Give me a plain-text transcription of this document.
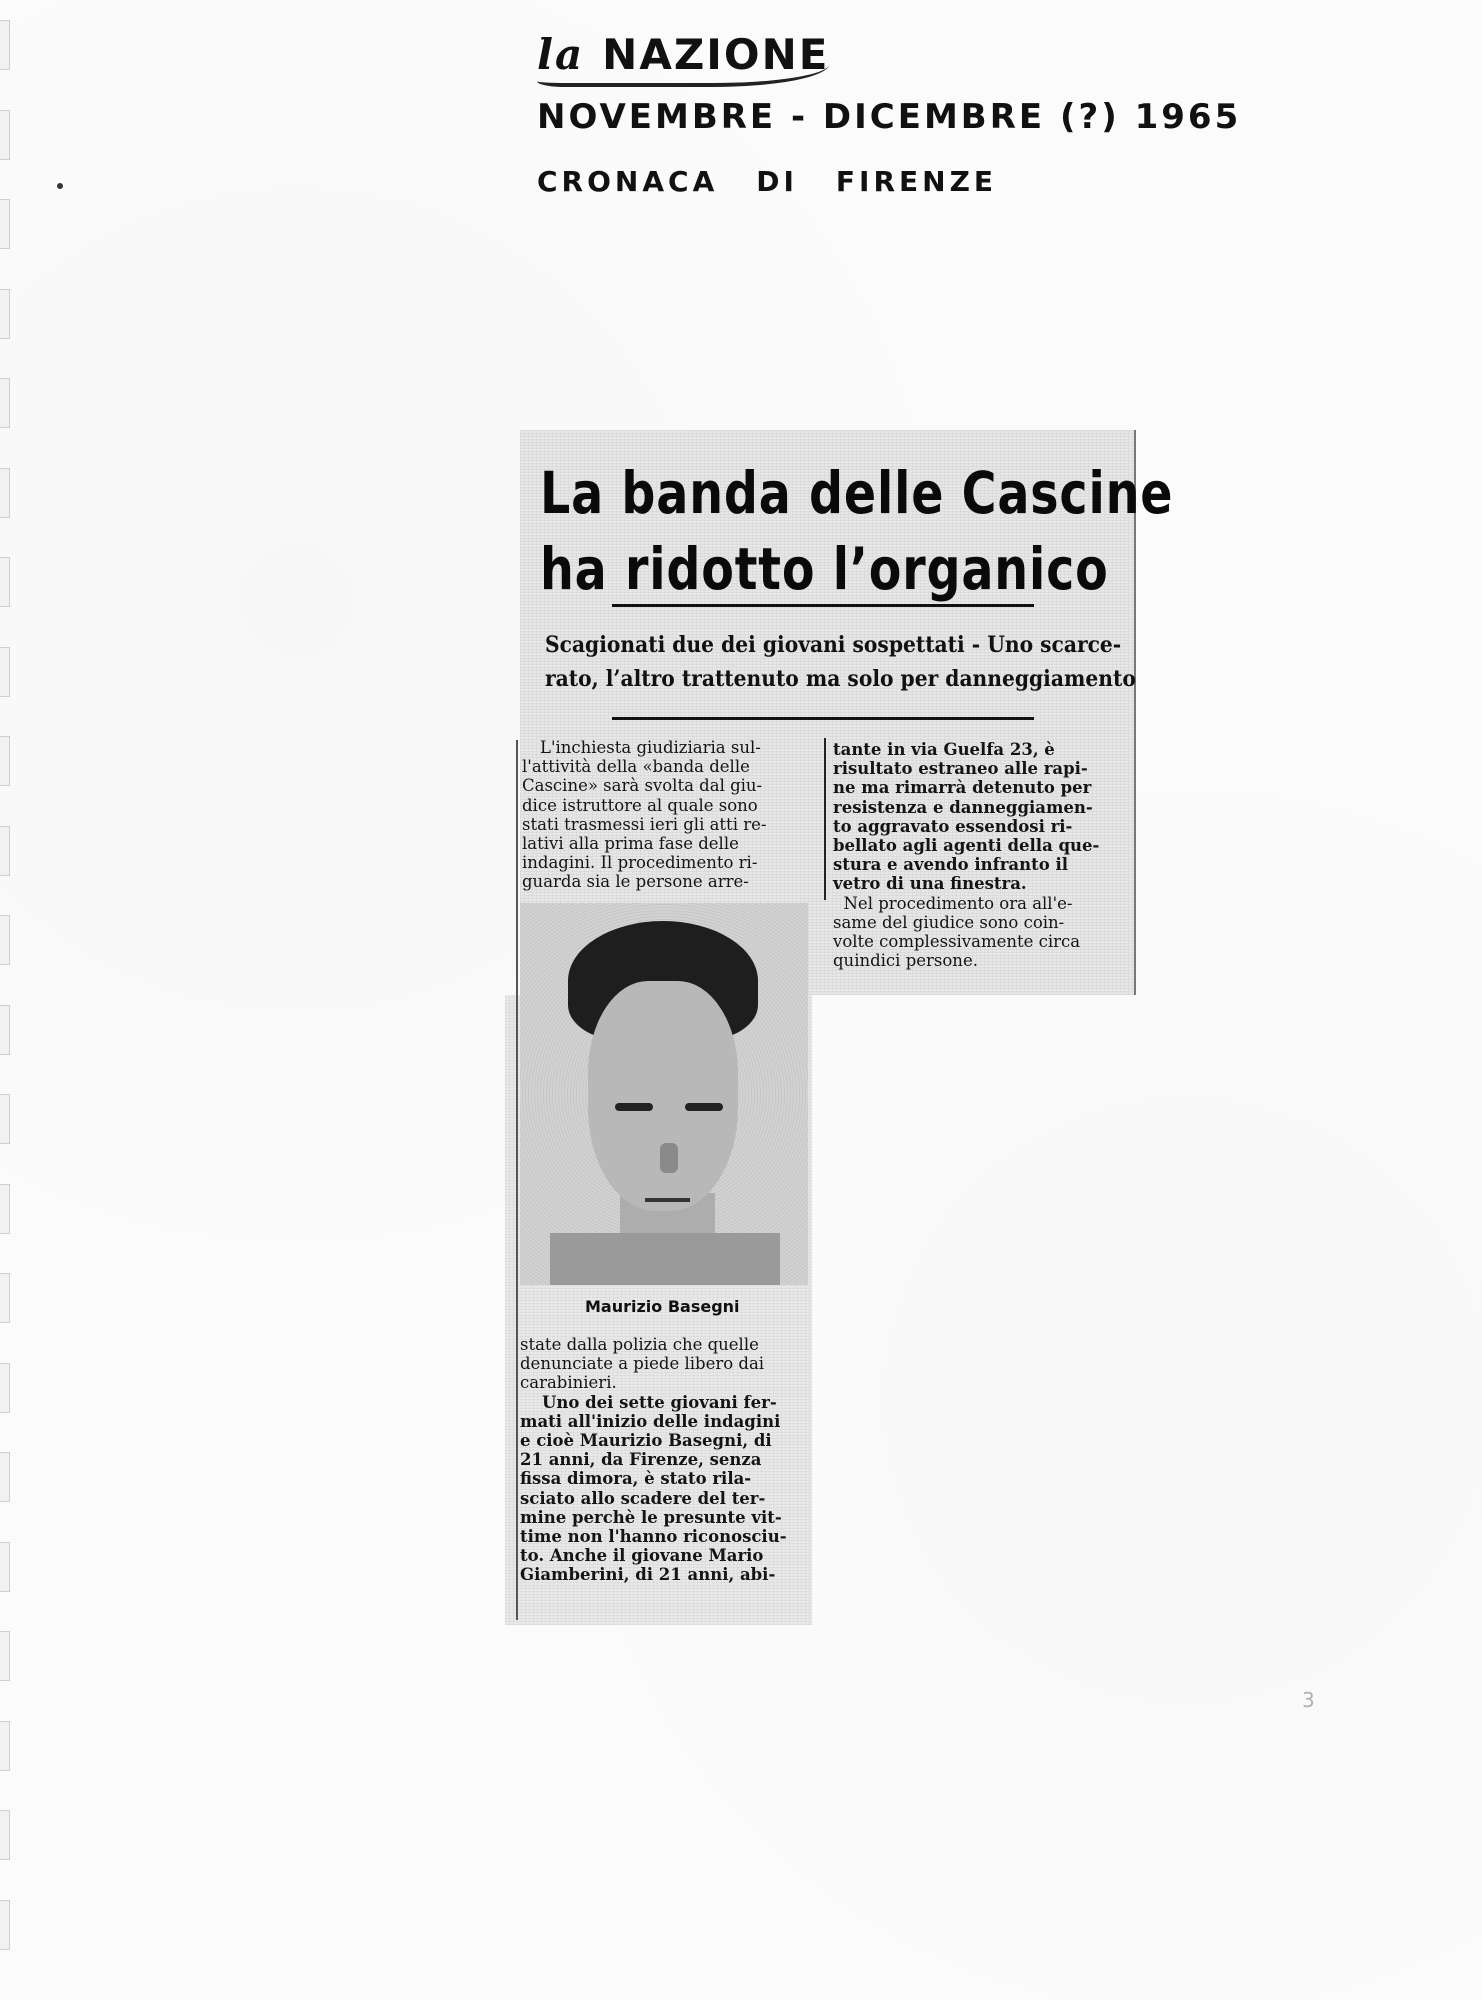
la NAZIONE
NOVEMBRE - DICEMBRE (?) 1965
CRONACA DI FIRENZE
La banda delle Cascine
ha ridotto l’organico
Scagionati due dei giovani sospettati - Uno scarce-
rato, l’altro trattenuto ma solo per danneggiamento

L'inchiesta giudiziaria sul-

l'attività della «banda delle

Cascine» sarà svolta dal giu-

dice istruttore al quale sono

stati trasmessi ieri gli atti re-

lativi alla prima fase delle

indagini. Il procedimento ri-

guarda sia le persone arre-

Maurizio Basegni

state dalla polizia che quelle

denunciate a piede libero dai

carabinieri.

Uno dei sette giovani fer-

mati all'inizio delle indagini

e cioè Maurizio Basegni, di

21 anni, da Firenze, senza

fissa dimora, è stato rila-

sciato allo scadere del ter-

mine perchè le presunte vit-

time non l'hanno riconosciu-

to. Anche il giovane Mario

Giamberini, di 21 anni, abi-

tante in via Guelfa 23, è

risultato estraneo alle rapi-

ne ma rimarrà detenuto per

resistenza e danneggiamen-

to aggravato essendosi ri-

bellato agli agenti della que-

stura e avendo infranto il

vetro di una finestra.

Nel procedimento ora all'e-

same del giudice sono coin-

volte complessivamente circa

quindici persone.

3
